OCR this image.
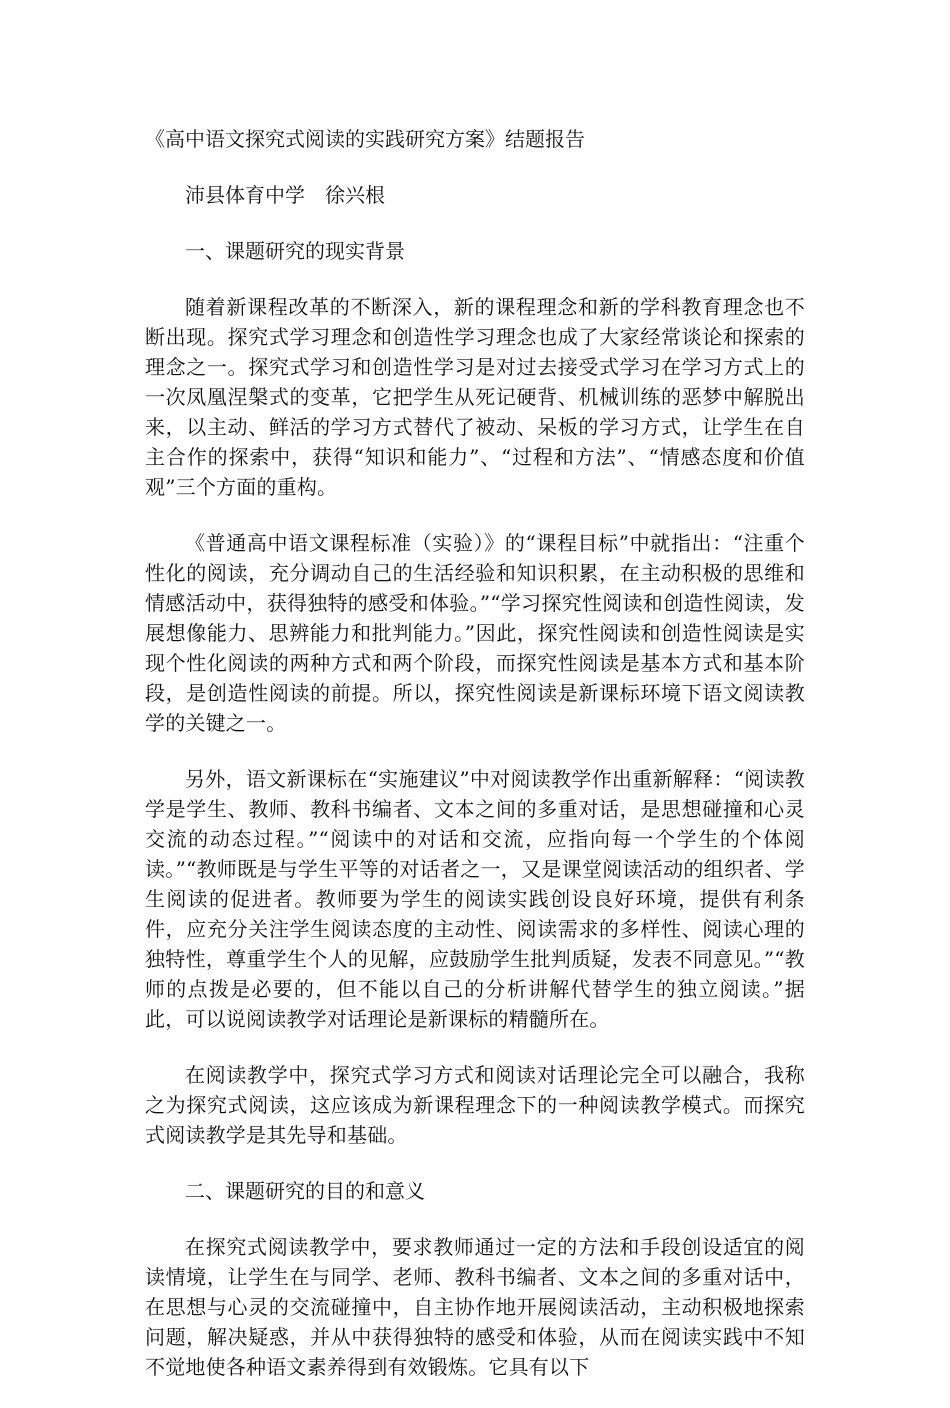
《高中语文探究式阅读的实践研究方案》结题报告

沛县体育中学　徐兴根

一、课题研究的现实背景

随着新课程改革的不断深入，新的课程理念和新的学科教育理念也不断出现。探究式学习理念和创造性学习理念也成了大家经常谈论和探索的理念之一。探究式学习和创造性学习是对过去接受式学习在学习方式上的一次凤凰涅槃式的变革，它把学生从死记硬背、机械训练的恶梦中解脱出来，以主动、鲜活的学习方式替代了被动、呆板的学习方式，让学生在自主合作的探索中，获得“知识和能力”、“过程和方法”、“情感态度和价值观”三个方面的重构。

《普通高中语文课程标准（实验）》的“课程目标”中就指出：“注重个性化的阅读，充分调动自己的生活经验和知识积累，在主动积极的思维和情感活动中，获得独特的感受和体验。”“学习探究性阅读和创造性阅读，发展想像能力、思辨能力和批判能力。”因此，探究性阅读和创造性阅读是实现个性化阅读的两种方式和两个阶段，而探究性阅读是基本方式和基本阶段，是创造性阅读的前提。所以，探究性阅读是新课标环境下语文阅读教学的关键之一。

另外，语文新课标在“实施建议”中对阅读教学作出重新解释：“阅读教学是学生、教师、教科书编者、文本之间的多重对话，是思想碰撞和心灵交流的动态过程。”“阅读中的对话和交流，应指向每一个学生的个体阅读。”“教师既是与学生平等的对话者之一，又是课堂阅读活动的组织者、学生阅读的促进者。教师要为学生的阅读实践创设良好环境，提供有利条件，应充分关注学生阅读态度的主动性、阅读需求的多样性、阅读心理的独特性，尊重学生个人的见解，应鼓励学生批判质疑，发表不同意见。”“教师的点拨是必要的，但不能以自己的分析讲解代替学生的独立阅读。”据此，可以说阅读教学对话理论是新课标的精髓所在。

在阅读教学中，探究式学习方式和阅读对话理论完全可以融合，我称之为探究式阅读，这应该成为新课程理念下的一种阅读教学模式。而探究式阅读教学是其先导和基础。

二、课题研究的目的和意义

在探究式阅读教学中，要求教师通过一定的方法和手段创设适宜的阅读情境，让学生在与同学、老师、教科书编者、文本之间的多重对话中，在思想与心灵的交流碰撞中，自主协作地开展阅读活动，主动积极地探索问题，解决疑惑，并从中获得独特的感受和体验，从而在阅读实践中不知不觉地使各种语文素养得到有效锻炼。它具有以下
